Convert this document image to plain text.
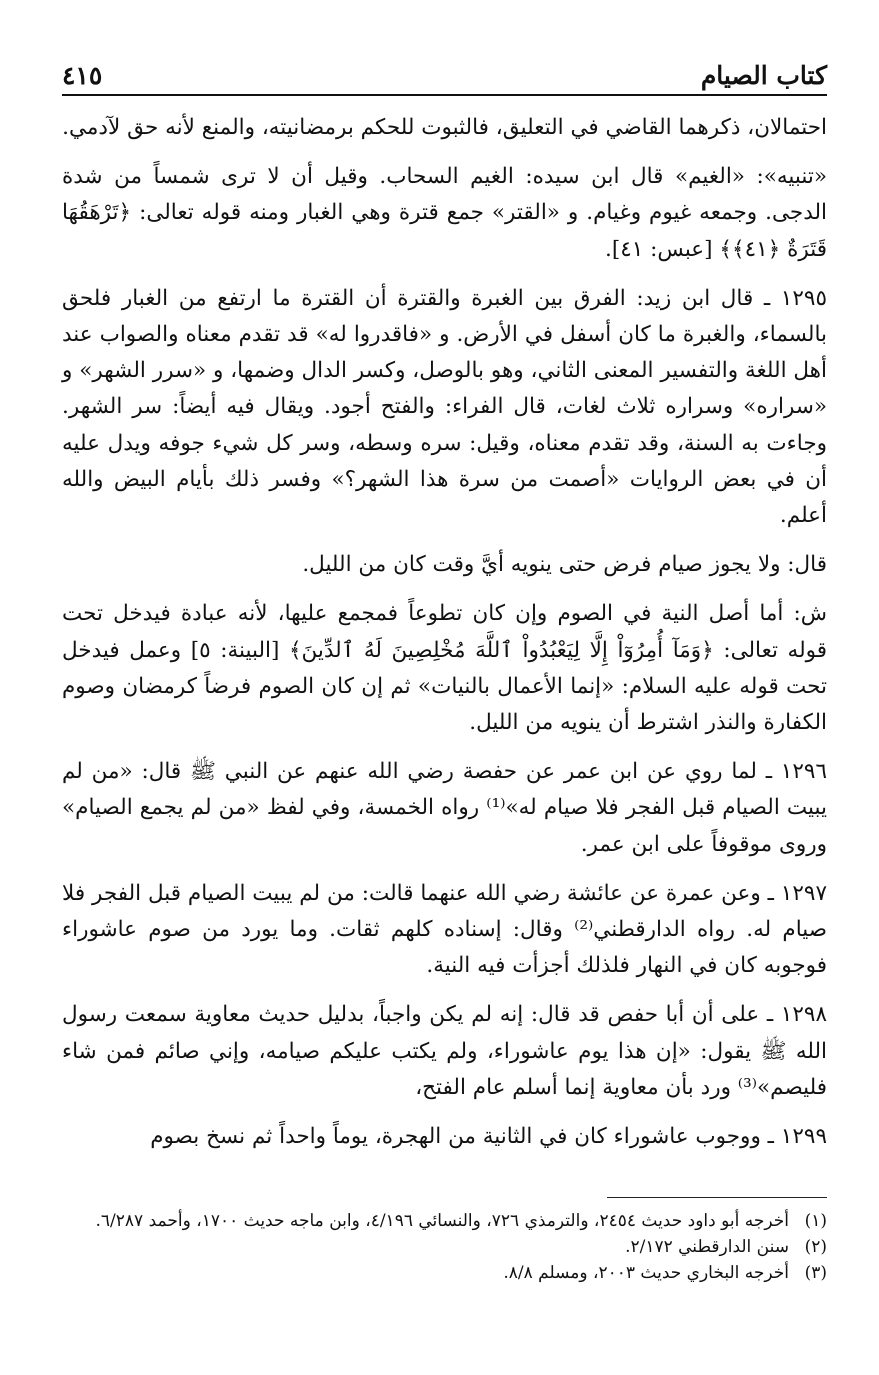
كتاب الصيام
٤١٥

احتمالان، ذكرهما القاضي في التعليق، فالثبوت للحكم برمضانيته، والمنع لأنه حق لآدمي.

«تنبيه»: «الغيم» قال ابن سيده: الغيم السحاب. وقيل أن لا ترى شمساً من شدة الدجى. وجمعه غيوم وغيام. و «القتر» جمع قترة وهي الغبار ومنه قوله تعالى: ﴿تَرْهَقُهَا قَتَرَةٌ ﴿٤١﴾﴾ [عبس: ٤١].

١٢٩٥ ـ قال ابن زيد: الفرق بين الغبرة والقترة أن القترة ما ارتفع من الغبار فلحق بالسماء، والغبرة ما كان أسفل في الأرض. و «فاقدروا له» قد تقدم معناه والصواب عند أهل اللغة والتفسير المعنى الثاني، وهو بالوصل، وكسر الدال وضمها، و «سرر الشهر» و «سراره» وسراره ثلاث لغات، قال الفراء: والفتح أجود. ويقال فيه أيضاً: سر الشهر. وجاءت به السنة، وقد تقدم معناه، وقيل: سره وسطه، وسر كل شيء جوفه ويدل عليه أن في بعض الروايات «أصمت من سرة هذا الشهر؟» وفسر ذلك بأيام البيض والله أعلم.

قال: ولا يجوز صيام فرض حتى ينويه أيَّ وقت كان من الليل.

ش: أما أصل النية في الصوم وإن كان تطوعاً فمجمع عليها، لأنه عبادة فيدخل تحت قوله تعالى: ﴿وَمَآ أُمِرُوٓاْ إِلَّا لِيَعْبُدُواْ ٱللَّهَ مُخْلِصِينَ لَهُ ٱلدِّينَ﴾ [البينة: ٥] وعمل فيدخل تحت قوله عليه السلام: «إنما الأعمال بالنيات» ثم إن كان الصوم فرضاً كرمضان وصوم الكفارة والنذر اشترط أن ينويه من الليل.

١٢٩٦ ـ لما روي عن ابن عمر عن حفصة رضي الله عنهم عن النبي ﷺ قال: «من لم يبيت الصيام قبل الفجر فلا صيام له»⁽¹⁾ رواه الخمسة، وفي لفظ «من لم يجمع الصيام» وروى موقوفاً على ابن عمر.

١٢٩٧ ـ وعن عمرة عن عائشة رضي الله عنهما قالت: من لم يبيت الصيام قبل الفجر فلا صيام له. رواه الدارقطني⁽²⁾ وقال: إسناده كلهم ثقات. وما يورد من صوم عاشوراء فوجوبه كان في النهار فلذلك أجزأت فيه النية.

١٢٩٨ ـ على أن أبا حفص قد قال: إنه لم يكن واجباً، بدليل حديث معاوية سمعت رسول الله ﷺ يقول: «إن هذا يوم عاشوراء، ولم يكتب عليكم صيامه، وإني صائم فمن شاء فليصم»⁽³⁾ ورد بأن معاوية إنما أسلم عام الفتح،

١٢٩٩ ـ ووجوب عاشوراء كان في الثانية من الهجرة، يوماً واحداً ثم نسخ بصوم

(١)
أخرجه أبو داود حديث ٢٤٥٤، والترمذي ٧٢٦، والنسائي ٤/١٩٦، وابن ماجه حديث ١٧٠٠، وأحمد ٦/٢٨٧.
(٢)
سنن الدارقطني ٢/١٧٢.
(٣)
أخرجه البخاري حديث ٢٠٠٣، ومسلم ٨/٨.
